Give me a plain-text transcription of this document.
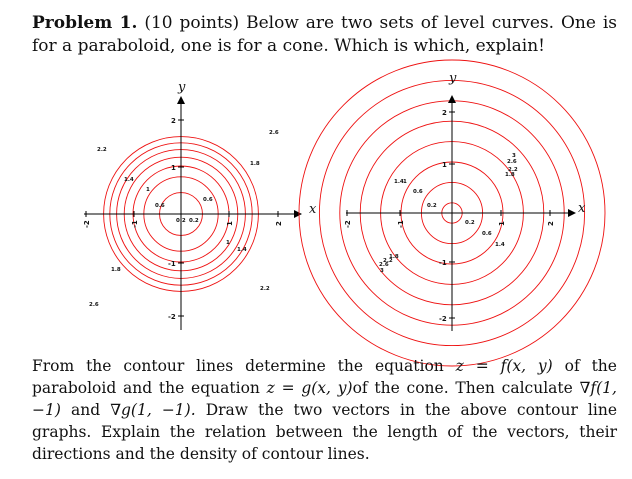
Problem 1. (10 points) Below are two sets of level curves. One is for a paraboloid, one is for a cone. Which is which, explain!
x
y
-2	-1	1	2
2
1
-1
-2
0.2 0.2
0.6
0.6
1
1
1.4
1.4
1.8
1.8
2.2
2.2
2.6
2.6
x
y
-2	-1	1	2
2
1
-1
-2
0.2
0.2
0.6
0.6
1
1.4
1.4
1.8
1.8
2.2
2.2
2.6
2.6
3
3
From the contour lines determine the equation z = f(x, y) of the paraboloid and the equation z = g(x, y)of the cone. Then calculate ∇f(1, −1) and ∇g(1, −1). Draw the two vectors in the above contour line graphs. Explain the relation between the length of the vectors, their directions and the density of contour lines.
